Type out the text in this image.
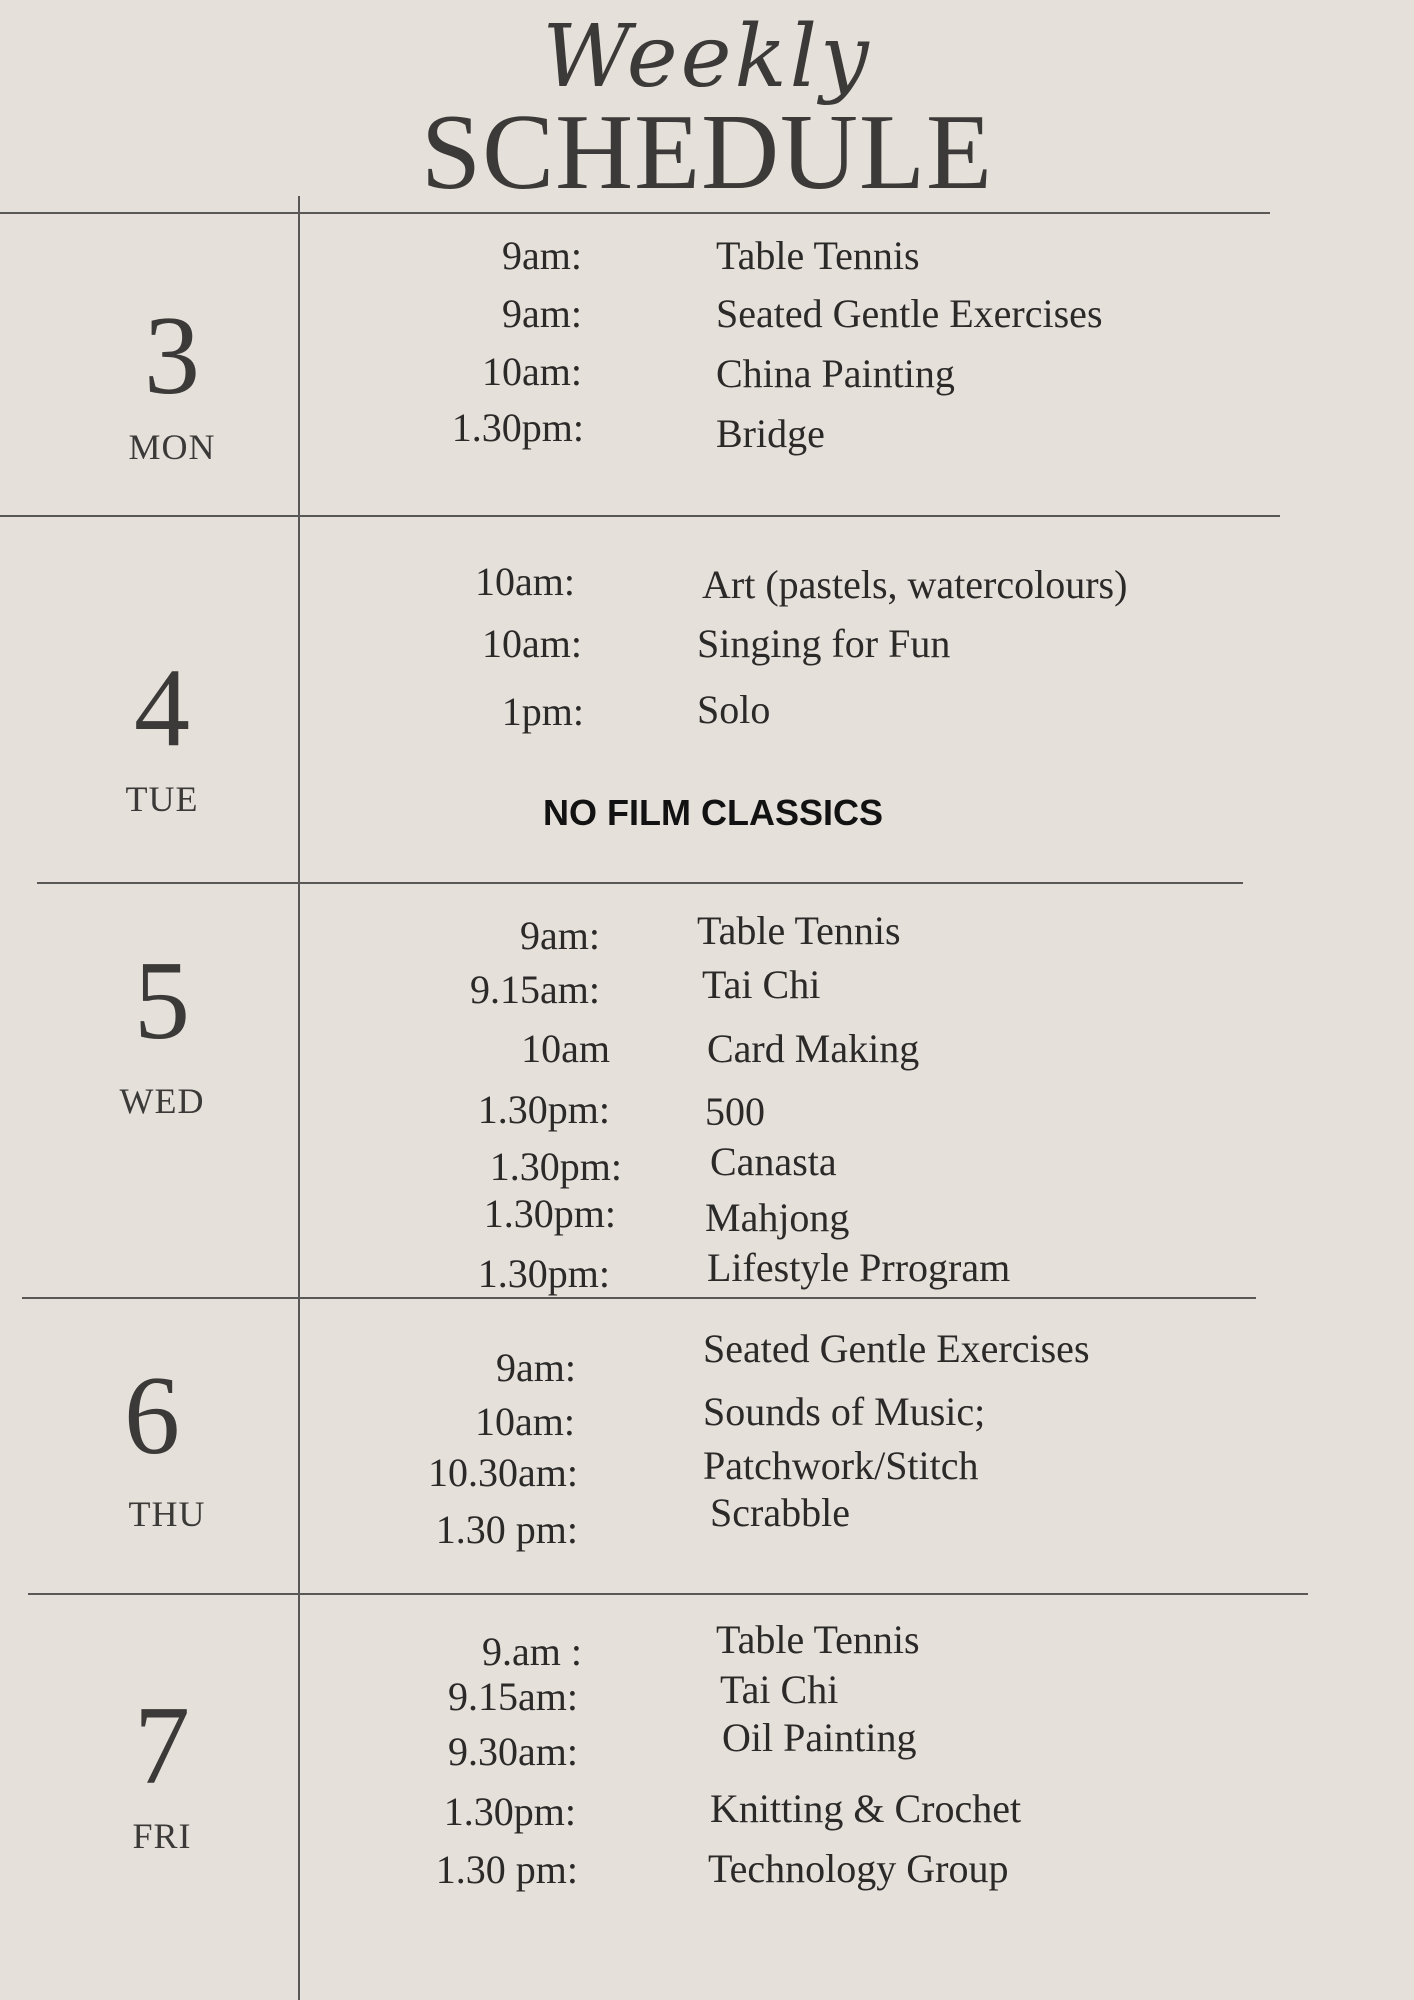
Weekly
SCHEDULE
3
MON
9am:	Table Tennis
9am:	Seated Gentle Exercises
10am:	China Painting
1.30pm:	Bridge
4
TUE
10am:	Art (pastels, watercolours)
10am:	Singing for Fun
1pm:	Solo
NO FILM CLASSICS
5
WED
9am: Table Tennis
9.15am:	Tai Chi
10am Card Making
1.30pm: 500
1.30pm: Canasta
1.30pm: Mahjong
1.30pm: Lifestyle Prrogram
6
THU
9am:	Seated Gentle Exercises
10am:	Sounds of Music;
10.30am:	Patchwork/Stitch
1.30 pm:	Scrabble
7
FRI
9.am :	Table Tennis
9.15am:	Tai Chi
9.30am:	Oil Painting
1.30pm:	Knitting & Crochet
1.30 pm:	Technology Group
